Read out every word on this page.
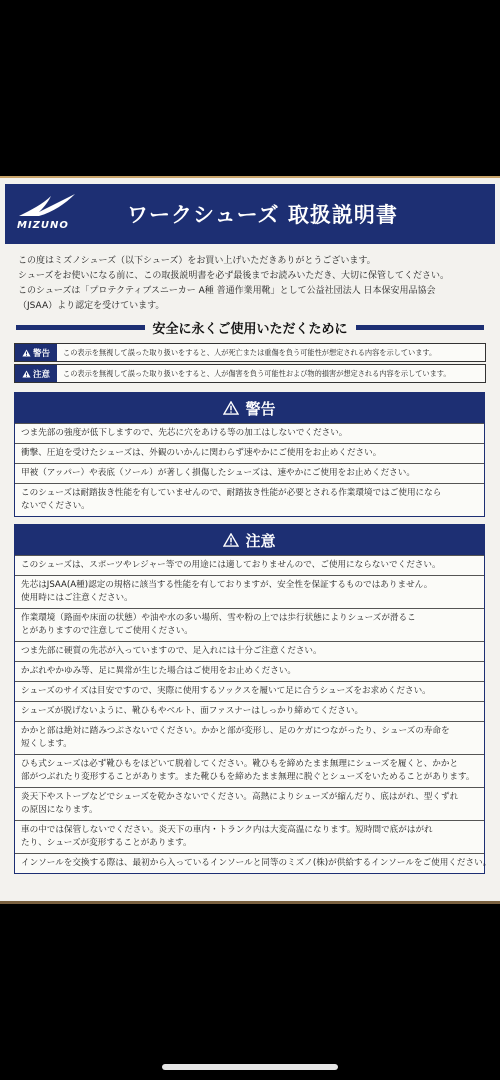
MIZUNO	ワークシューズ 取扱説明書

この度はミズノシューズ（以下シューズ）をお買い上げいただきありがとうございます。

シューズをお使いになる前に、この取扱説明書を必ず最後までお読みいただき、大切に保管してください。

このシューズは「プロテクティブスニーカー A種 普通作業用靴」として公益社団法人 日本保安用品協会

（JSAA）より認定を受けています。

安全に永くご使用いただくために
警告	この表示を無視して誤った取り扱いをすると、人が死亡または重傷を負う可能性が想定される内容を示しています。
注意	この表示を無視して誤った取り扱いをすると、人が傷害を負う可能性および物的損害が想定される内容を示しています。
警告
つま先部の強度が低下しますので、先芯に穴をあける等の加工はしないでください。
衝撃、圧迫を受けたシューズは、外観のいかんに関わらず速やかにご使用をお止めください。
甲被（アッパー）や表底（ソール）が著しく損傷したシューズは、速やかにご使用をお止めください。
このシューズは耐踏抜き性能を有していませんので、耐踏抜き性能が必要とされる作業環境ではご使用になら
ないでください。
注意
このシューズは、スポーツやレジャー等での用途には適しておりませんので、ご使用にならないでください。
先芯はJSAA(A種)認定の規格に該当する性能を有しておりますが、安全性を保証するものではありません。
使用時にはご注意ください。
作業環境（路面や床面の状態）や油や水の多い場所、雪や粉の上では歩行状態によりシューズが滑るこ
とがありますので注意してご使用ください。
つま先部に硬質の先芯が入っていますので、足入れには十分ご注意ください。
かぶれやかゆみ等、足に異常が生じた場合はご使用をお止めください。
シューズのサイズは目安ですので、実際に使用するソックスを履いて足に合うシューズをお求めください。
シューズが脱げないように、靴ひもやベルト、面ファスナーはしっかり締めてください。
かかと部は絶対に踏みつぶさないでください。かかと部が変形し、足のケガにつながったり、シューズの寿命を
短くします。
ひも式シューズは必ず靴ひもをほどいて脱着してください。靴ひもを締めたまま無理にシューズを履くと、かかと
部がつぶれたり変形することがあります。また靴ひもを締めたまま無理に脱ぐとシューズをいためることがあります。
炎天下やストーブなどでシューズを乾かさないでください。高熱によりシューズが縮んだり、底はがれ、型くずれ
の原因になります。
車の中では保管しないでください。炎天下の車内・トランク内は大変高温になります。短時間で底がはがれ
たり、シューズが変形することがあります。
インソールを交換する際は、最初から入っているインソールと同等のミズノ(株)が供給するインソールをご使用ください。
